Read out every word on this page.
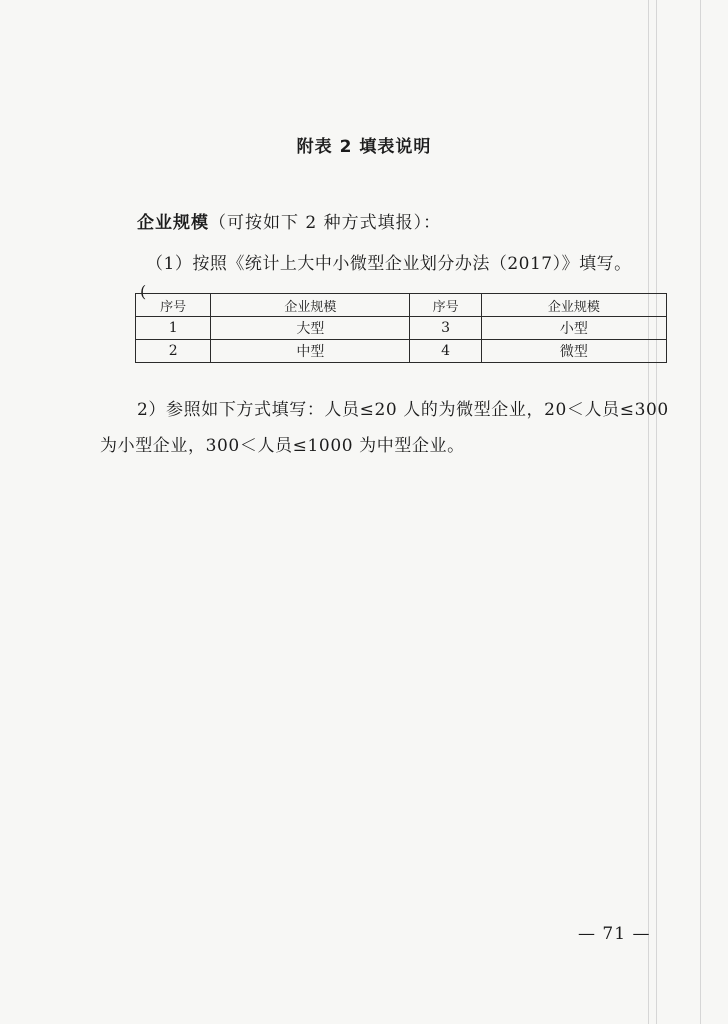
附表 2 填表说明
企业规模（可按如下 2 种方式填报）：
（1）按照《统计上大中小微型企业划分办法（2017）》填写。
(
序号	企业规模	序号	企业规模
1	大型	3	小型
2	中型	4	微型
2）参照如下方式填写：人员≤20 人的为微型企业，20＜人员≤300 为小型企业，300＜人员≤1000 为中型企业。
— 71 —
